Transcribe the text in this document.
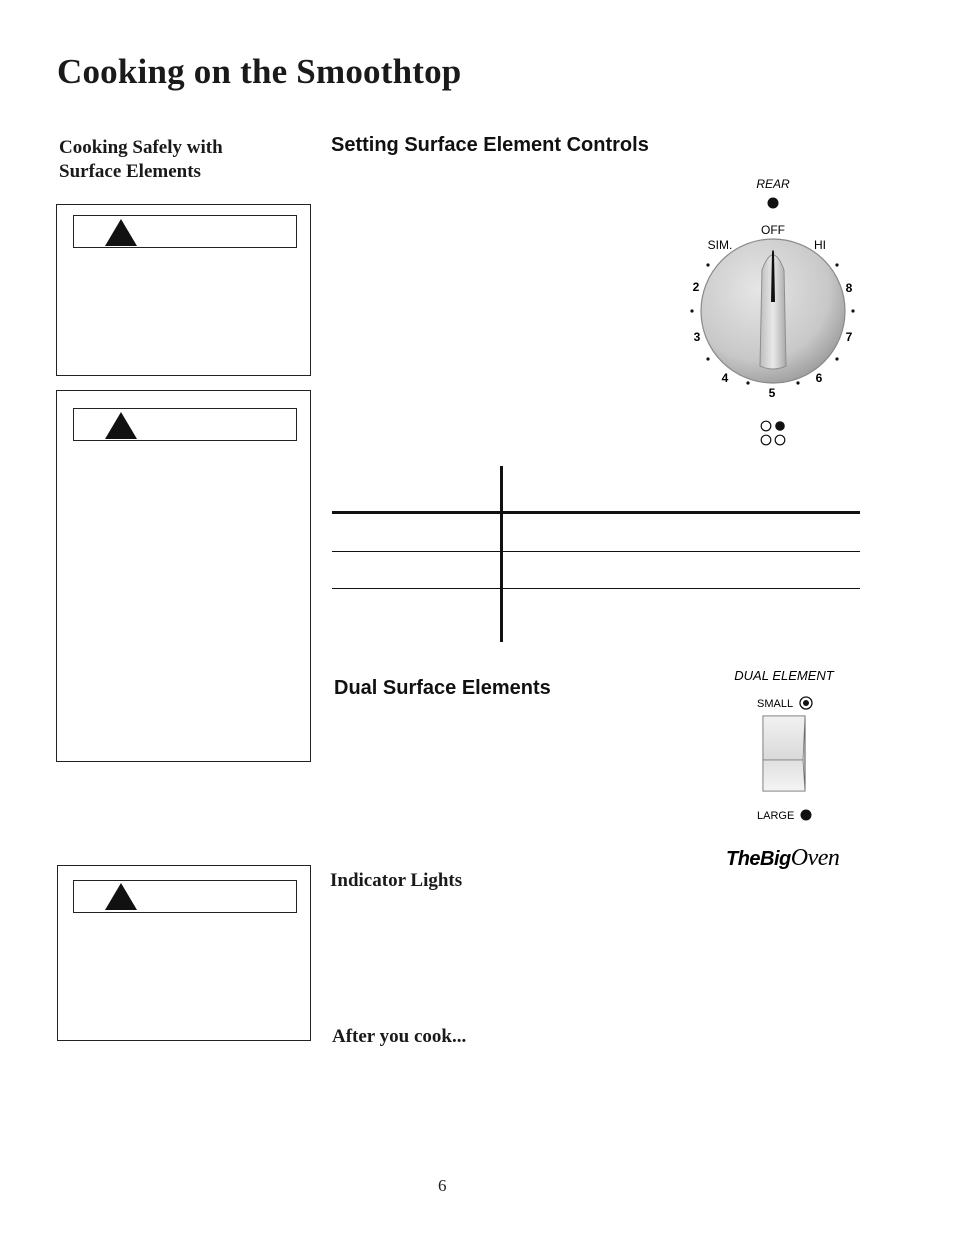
Cooking on the Smoothtop
Cooking Safely with
Surface Elements
Setting Surface Element Controls
Dual Surface Elements
Indicator Lights
After you cook...
REAR
OFF
SIM.	HI
2
3
4
5
6
7
8
DUAL ELEMENT
SMALL
LARGE
TheBigOven
6
